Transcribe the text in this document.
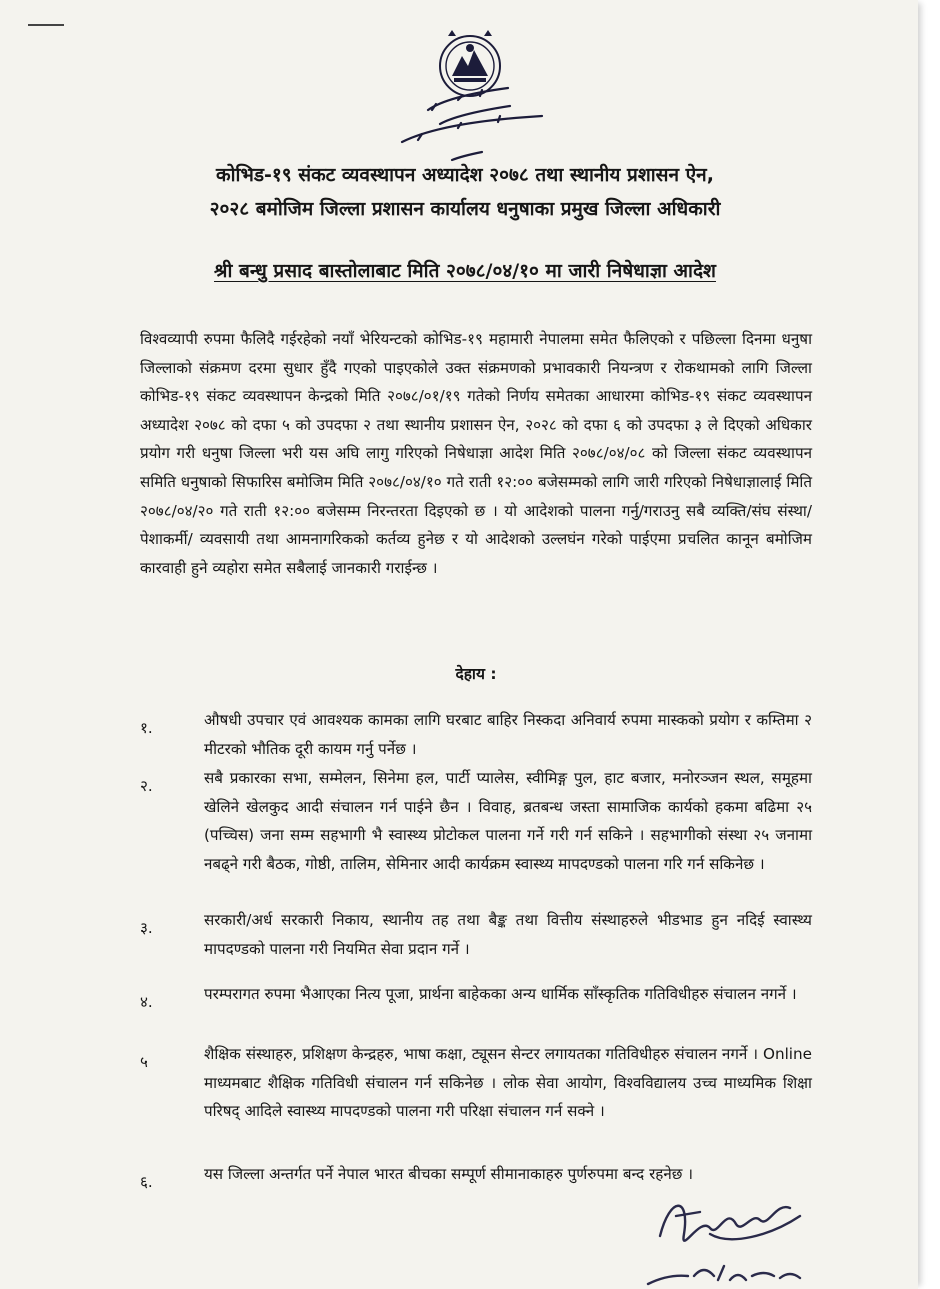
कोभिड-१९ संकट व्यवस्थापन अध्यादेश २०७८ तथा स्थानीय प्रशासन ऐन,
२०२८ बमोजिम जिल्ला प्रशासन कार्यालय धनुषाका प्रमुख जिल्ला अधिकारी
श्री बन्धु प्रसाद बास्तोलाबाट मिति २०७८/०४/१० मा जारी निषेधाज्ञा आदेश
विश्वव्यापी रुपमा फैलिदै गईरहेको नयाँ भेरियन्टको कोभिड-१९ महामारी नेपालमा समेत फैलिएको र पछिल्ला दिनमा धनुषा जिल्लाको संक्रमण दरमा सुधार हुँदै गएको पाइएकोले उक्त संक्रमणको प्रभावकारी नियन्त्रण र रोकथामको लागि जिल्ला कोभिड-१९ संकट व्यवस्थापन केन्द्रको मिति २०७८/०१/१९ गतेको निर्णय समेतका आधारमा कोभिड-१९ संकट व्यवस्थापन अध्यादेश २०७८ को दफा ५ को उपदफा २ तथा स्थानीय प्रशासन ऐन, २०२८ को दफा ६ को उपदफा ३ ले दिएको अधिकार प्रयोग गरी धनुषा जिल्ला भरी यस अघि लागु गरिएको निषेधाज्ञा आदेश मिति २०७८/०४/०८ को जिल्ला संकट व्यवस्थापन समिति धनुषाको सिफारिस बमोजिम मिति २०७८/०४/१० गते राती १२:०० बजेसम्मको लागि जारी गरिएको निषेधाज्ञालाई मिति २०७८/०४/२० गते राती १२:०० बजेसम्म निरन्तरता दिइएको छ । यो आदेशको पालना गर्नु/गराउनु सबै व्यक्ति/संघ संस्था/पेशाकर्मी/ व्यवसायी तथा आमनागरिकको कर्तव्य हुनेछ र यो आदेशको उल्लघंन गरेको पाईएमा प्रचलित कानून बमोजिम कारवाही हुने व्यहोरा समेत सबैलाई जानकारी गराईन्छ ।
देहाय :
१.	औषधी उपचार एवं आवश्यक कामका लागि घरबाट बाहिर निस्कदा अनिवार्य रुपमा मास्कको प्रयोग र कम्तिमा २ मीटरको भौतिक दूरी कायम गर्नु पर्नेछ ।
२.	सबै प्रकारका सभा, सम्मेलन, सिनेमा हल, पार्टी प्यालेस, स्वीमिङ्ग पुल, हाट बजार, मनोरञ्जन स्थल, समूहमा खेलिने खेलकुद आदी संचालन गर्न पाईने छैन । विवाह, ब्रतबन्ध जस्ता सामाजिक कार्यको हकमा बढिमा २५ (पच्चिस) जना सम्म सहभागी भै स्वास्थ्य प्रोटोकल पालना गर्ने गरी गर्न सकिने । सहभागीको संस्था २५ जनामा नबढ्ने गरी बैठक, गोष्ठी, तालिम, सेमिनार आदी कार्यक्रम स्वास्थ्य मापदण्डको पालना गरि गर्न सकिनेछ ।
३.	सरकारी/अर्ध सरकारी निकाय, स्थानीय तह तथा बैङ्क तथा वित्तीय संस्थाहरुले भीडभाड हुन नदिई स्वास्थ्य मापदण्डको पालना गरी नियमित सेवा प्रदान गर्ने ।
४.	परम्परागत रुपमा भैआएका नित्य पूजा, प्रार्थना बाहेकका अन्य धार्मिक साँस्कृतिक गतिविधीहरु संचालन नगर्ने ।
५	शैक्षिक संस्थाहरु, प्रशिक्षण केन्द्रहरु, भाषा कक्षा, ट्यूसन सेन्टर लगायतका गतिविधीहरु संचालन नगर्ने । Online माध्यमबाट शैक्षिक गतिविधी संचालन गर्न सकिनेछ । लोक सेवा आयोग, विश्वविद्यालय उच्च माध्यमिक शिक्षा परिषद् आदिले स्वास्थ्य मापदण्डको पालना गरी परिक्षा संचालन गर्न सक्ने ।
६.	यस जिल्ला अन्तर्गत पर्ने नेपाल भारत बीचका सम्पूर्ण सीमानाकाहरु पुर्णरुपमा बन्द रहनेछ ।
